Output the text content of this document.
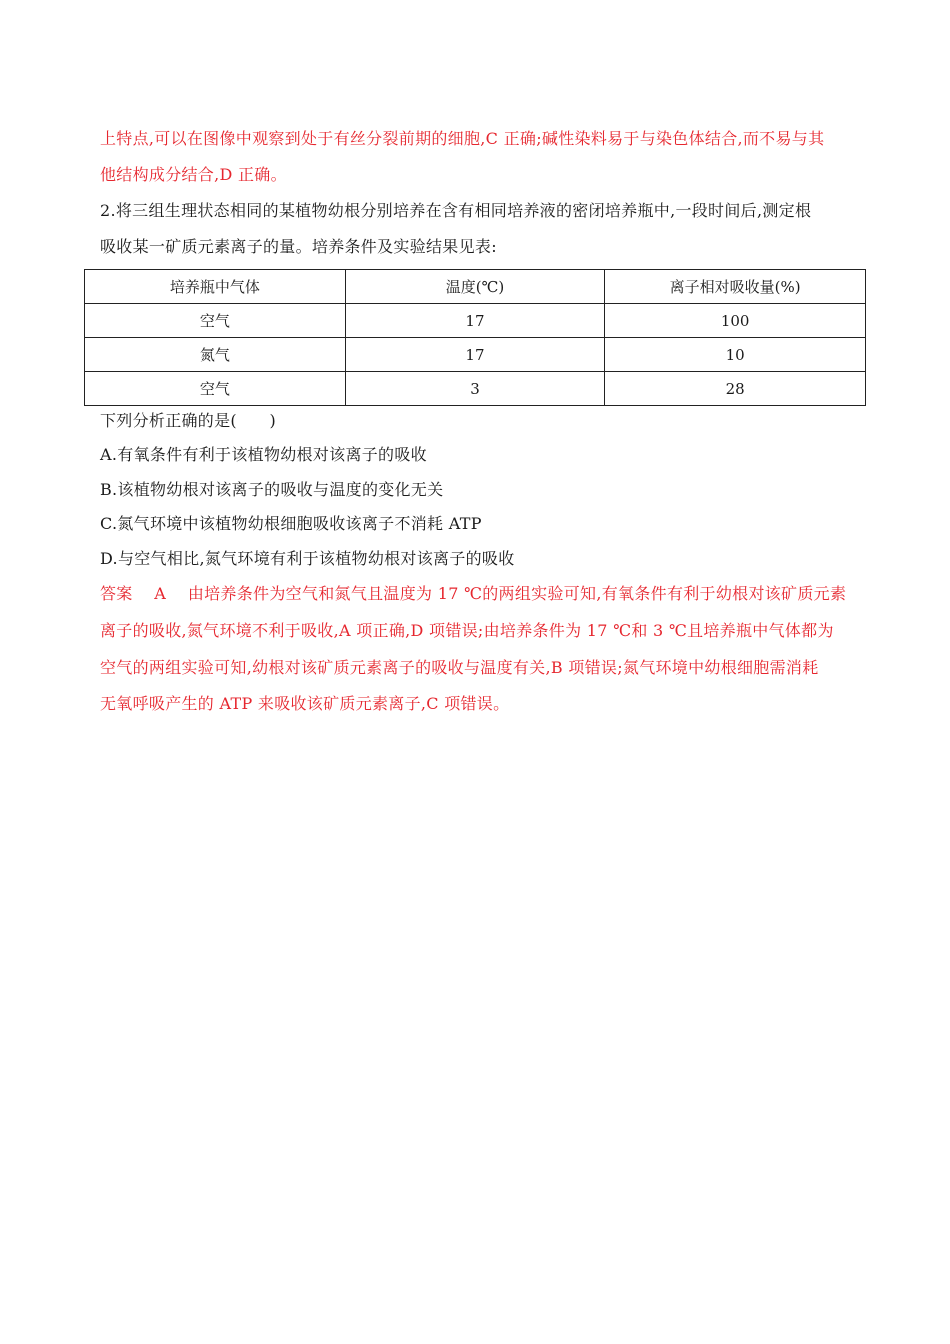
上特点,可以在图像中观察到处于有丝分裂前期的细胞,C 正确;碱性染料易于与染色体结合,而不易与其
他结构成分结合,D 正确。
2.将三组生理状态相同的某植物幼根分别培养在含有相同培养液的密闭培养瓶中,一段时间后,测定根
吸收某一矿质元素离子的量。培养条件及实验结果见表:
培养瓶中气体	温度(℃)	离子相对吸收量(%)
空气	17	100
氮气	17	10
空气	3	28
下列分析正确的是(　　)
A.有氧条件有利于该植物幼根对该离子的吸收
B.该植物幼根对该离子的吸收与温度的变化无关
C.氮气环境中该植物幼根细胞吸收该离子不消耗 ATP
D.与空气相比,氮气环境有利于该植物幼根对该离子的吸收
答案　 A　 由培养条件为空气和氮气且温度为 17 ℃的两组实验可知,有氧条件有利于幼根对该矿质元素
离子的吸收,氮气环境不利于吸收,A 项正确,D 项错误;由培养条件为 17 ℃和 3 ℃且培养瓶中气体都为
空气的两组实验可知,幼根对该矿质元素离子的吸收与温度有关,B 项错误;氮气环境中幼根细胞需消耗
无氧呼吸产生的 ATP 来吸收该矿质元素离子,C 项错误。
